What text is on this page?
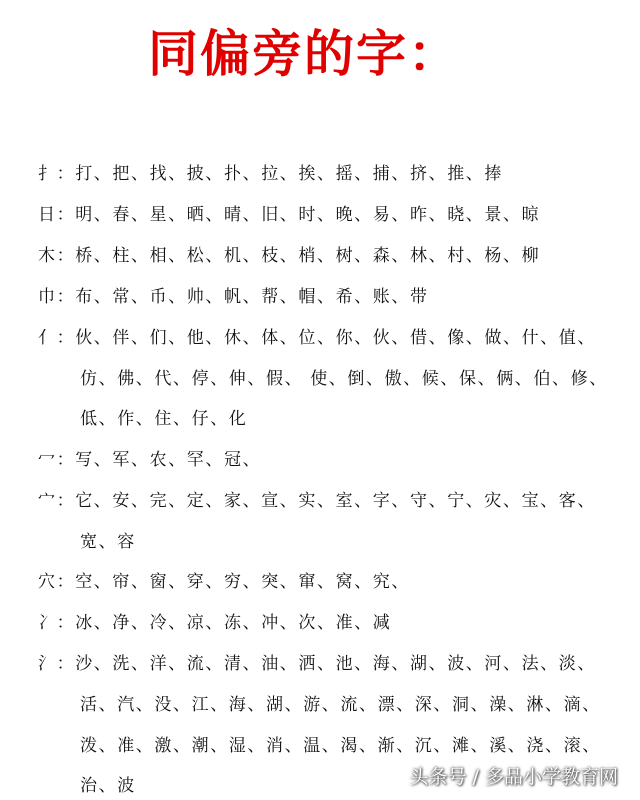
同偏旁的字：
扌：打、把、找、披、扑、拉、挨、摇、捕、挤、推、捧
日：明、春、星、晒、晴、旧、时、晚、易、昨、晓、景、晾
木：桥、柱、相、松、机、枝、梢、树、森、林、村、杨、柳
巾：布、常、币、帅、帆、帮、帽、希、账、带
亻：伙、伴、们、他、休、体、位、你、伙、借、像、做、什、值、
仿、佛、代、停、伸、假、 使、倒、傲、候、保、俩、伯、修、
低、作、住、仔、化
冖：写、军、农、罕、冠、
宀：它、安、完、定、家、宣、实、室、字、守、宁、灾、宝、客、
宽、容
穴：空、帘、窗、穿、穷、突、窜、窝、究、
冫：冰、净、冷、凉、冻、冲、次、准、减
氵：沙、洗、洋、流、清、油、洒、池、海、湖、波、河、法、淡、
活、汽、没、江、海、湖、游、流、漂、深、洞、澡、淋、滴、
泼、准、激、潮、湿、消、温、渴、渐、沉、滩、溪、浇、滚、
治、波	头条号 / 多品小学教育网
